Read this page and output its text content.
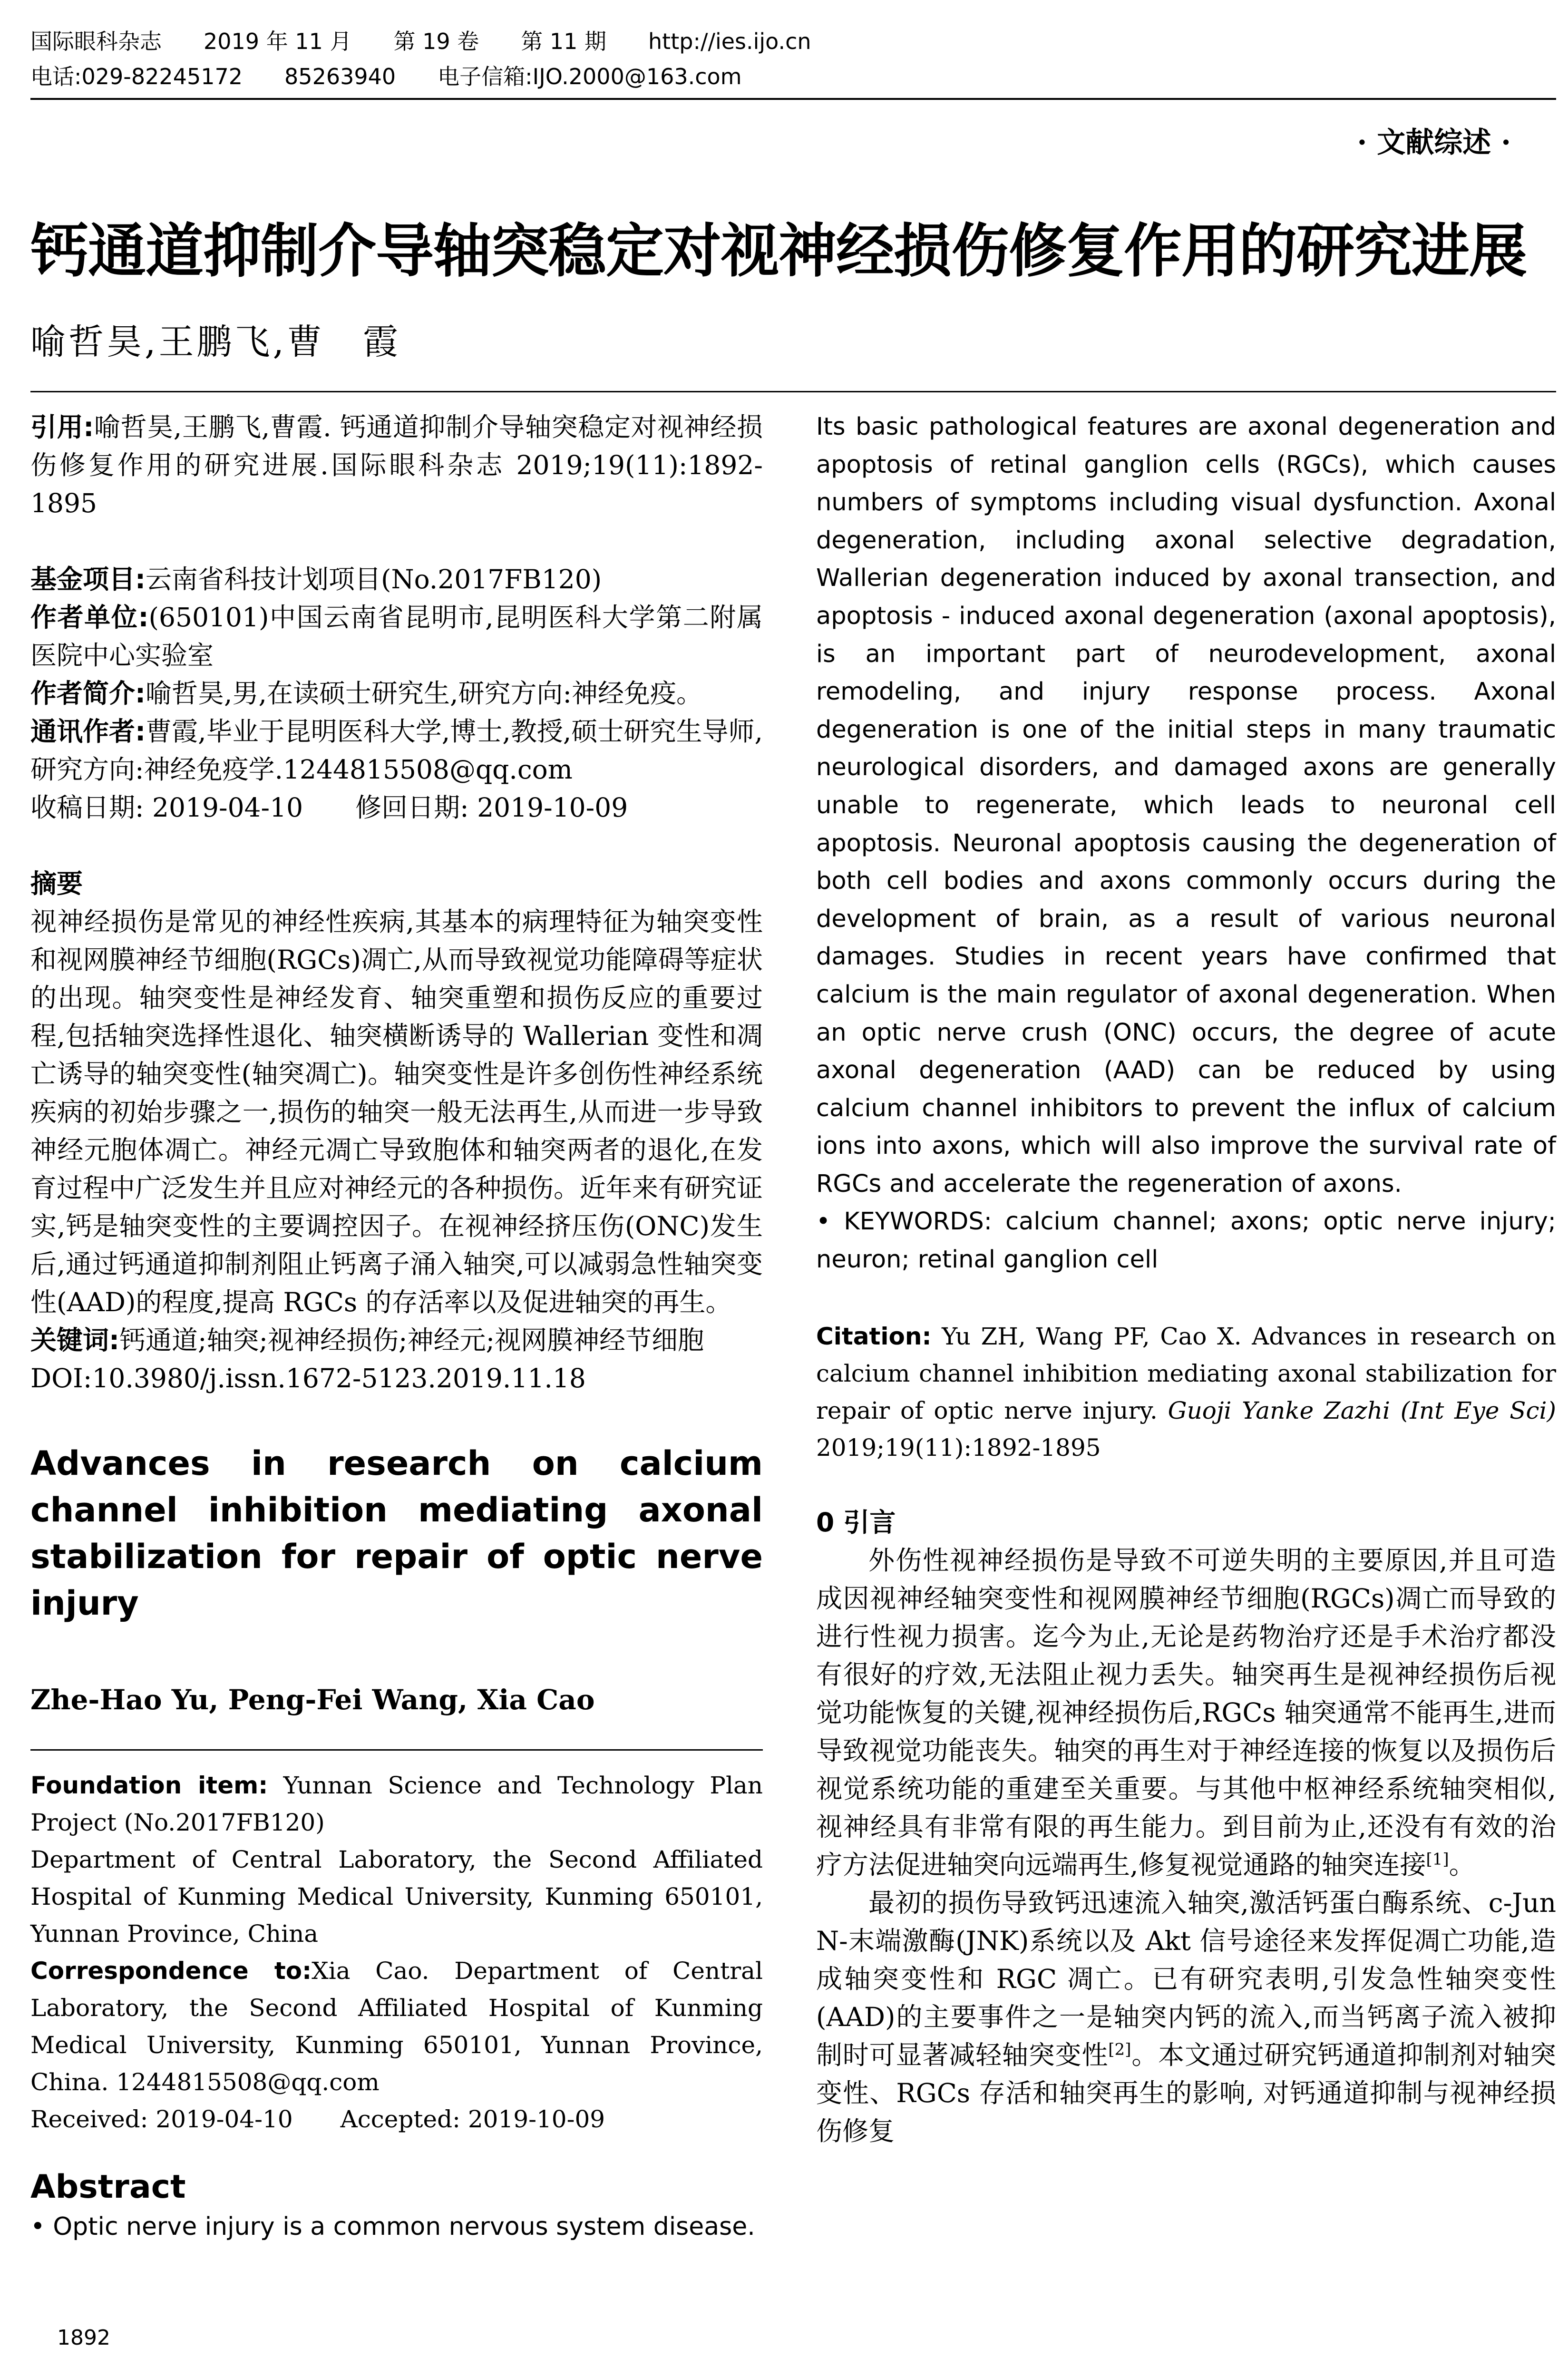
国际眼科杂志 2019 年 11 月 第 19 卷 第 11 期 http://ies.ijo.cn
电话:029-82245172 85263940 电子信箱:IJO.2000@163.com
· 文献综述 ·
钙通道抑制介导轴突稳定对视神经损伤修复作用的研究进展
喻哲昊,王鹏飞,曹　霞

引用:喻哲昊,王鹏飞,曹霞. 钙通道抑制介导轴突稳定对视神经损伤修复作用的研究进展.国际眼科杂志 2019;19(11):1892-1895

基金项目:云南省科技计划项目(No.2017FB120)

作者单位:(650101)中国云南省昆明市,昆明医科大学第二附属医院中心实验室

作者简介:喻哲昊,男,在读硕士研究生,研究方向:神经免疫。

通讯作者:曹霞,毕业于昆明医科大学,博士,教授,硕士研究生导师,研究方向:神经免疫学.1244815508@qq.com

收稿日期: 2019-04-10　　修回日期: 2019-10-09

摘要

视神经损伤是常见的神经性疾病,其基本的病理特征为轴突变性和视网膜神经节细胞(RGCs)凋亡,从而导致视觉功能障碍等症状的出现。轴突变性是神经发育、轴突重塑和损伤反应的重要过程,包括轴突选择性退化、轴突横断诱导的 Wallerian 变性和凋亡诱导的轴突变性(轴突凋亡)。轴突变性是许多创伤性神经系统疾病的初始步骤之一,损伤的轴突一般无法再生,从而进一步导致神经元胞体凋亡。神经元凋亡导致胞体和轴突两者的退化,在发育过程中广泛发生并且应对神经元的各种损伤。近年来有研究证实,钙是轴突变性的主要调控因子。在视神经挤压伤(ONC)发生后,通过钙通道抑制剂阻止钙离子涌入轴突,可以减弱急性轴突变性(AAD)的程度,提高 RGCs 的存活率以及促进轴突的再生。

关键词:钙通道;轴突;视神经损伤;神经元;视网膜神经节细胞

DOI:10.3980/j.issn.1672-5123.2019.11.18

Advances in research on calcium channel inhibition mediating axonal stabilization for repair of optic nerve injury

Zhe-Hao Yu, Peng-Fei Wang, Xia Cao

Foundation item: Yunnan Science and Technology Plan Project (No.2017FB120)

Department of Central Laboratory, the Second Affiliated Hospital of Kunming Medical University, Kunming 650101, Yunnan Province, China

Correspondence to:Xia Cao. Department of Central Laboratory, the Second Affiliated Hospital of Kunming Medical University, Kunming 650101, Yunnan Province, China. 1244815508@qq.com

Received: 2019-04-10　　Accepted: 2019-10-09

Abstract

• Optic nerve injury is a common nervous system disease.

Its basic pathological features are axonal degeneration and apoptosis of retinal ganglion cells (RGCs), which causes numbers of symptoms including visual dysfunction. Axonal degeneration, including axonal selective degradation, Wallerian degeneration induced by axonal transection, and apoptosis - induced axonal degeneration (axonal apoptosis), is an important part of neurodevelopment, axonal remodeling, and injury response process. Axonal degeneration is one of the initial steps in many traumatic neurological disorders, and damaged axons are generally unable to regenerate, which leads to neuronal cell apoptosis. Neuronal apoptosis causing the degeneration of both cell bodies and axons commonly occurs during the development of brain, as a result of various neuronal damages. Studies in recent years have confirmed that calcium is the main regulator of axonal degeneration. When an optic nerve crush (ONC) occurs, the degree of acute axonal degeneration (AAD) can be reduced by using calcium channel inhibitors to prevent the influx of calcium ions into axons, which will also improve the survival rate of RGCs and accelerate the regeneration of axons.

• KEYWORDS: calcium channel; axons; optic nerve injury; neuron; retinal ganglion cell

Citation: Yu ZH, Wang PF, Cao X. Advances in research on calcium channel inhibition mediating axonal stabilization for repair of optic nerve injury. Guoji Yanke Zazhi (Int Eye Sci) 2019;19(11):1892-1895

0 引言

外伤性视神经损伤是导致不可逆失明的主要原因,并且可造成因视神经轴突变性和视网膜神经节细胞(RGCs)凋亡而导致的进行性视力损害。迄今为止,无论是药物治疗还是手术治疗都没有很好的疗效,无法阻止视力丢失。轴突再生是视神经损伤后视觉功能恢复的关键,视神经损伤后,RGCs 轴突通常不能再生,进而导致视觉功能丧失。轴突的再生对于神经连接的恢复以及损伤后视觉系统功能的重建至关重要。与其他中枢神经系统轴突相似,视神经具有非常有限的再生能力。到目前为止,还没有有效的治疗方法促进轴突向远端再生,修复视觉通路的轴突连接[1]。

最初的损伤导致钙迅速流入轴突,激活钙蛋白酶系统、c-Jun N-末端激酶(JNK)系统以及 Akt 信号途径来发挥促凋亡功能,造成轴突变性和 RGC 凋亡。已有研究表明,引发急性轴突变性(AAD)的主要事件之一是轴突内钙的流入,而当钙离子流入被抑制时可显著减轻轴突变性[2]。本文通过研究钙通道抑制剂对轴突变性、RGCs 存活和轴突再生的影响, 对钙通道抑制与视神经损伤修复

1892
